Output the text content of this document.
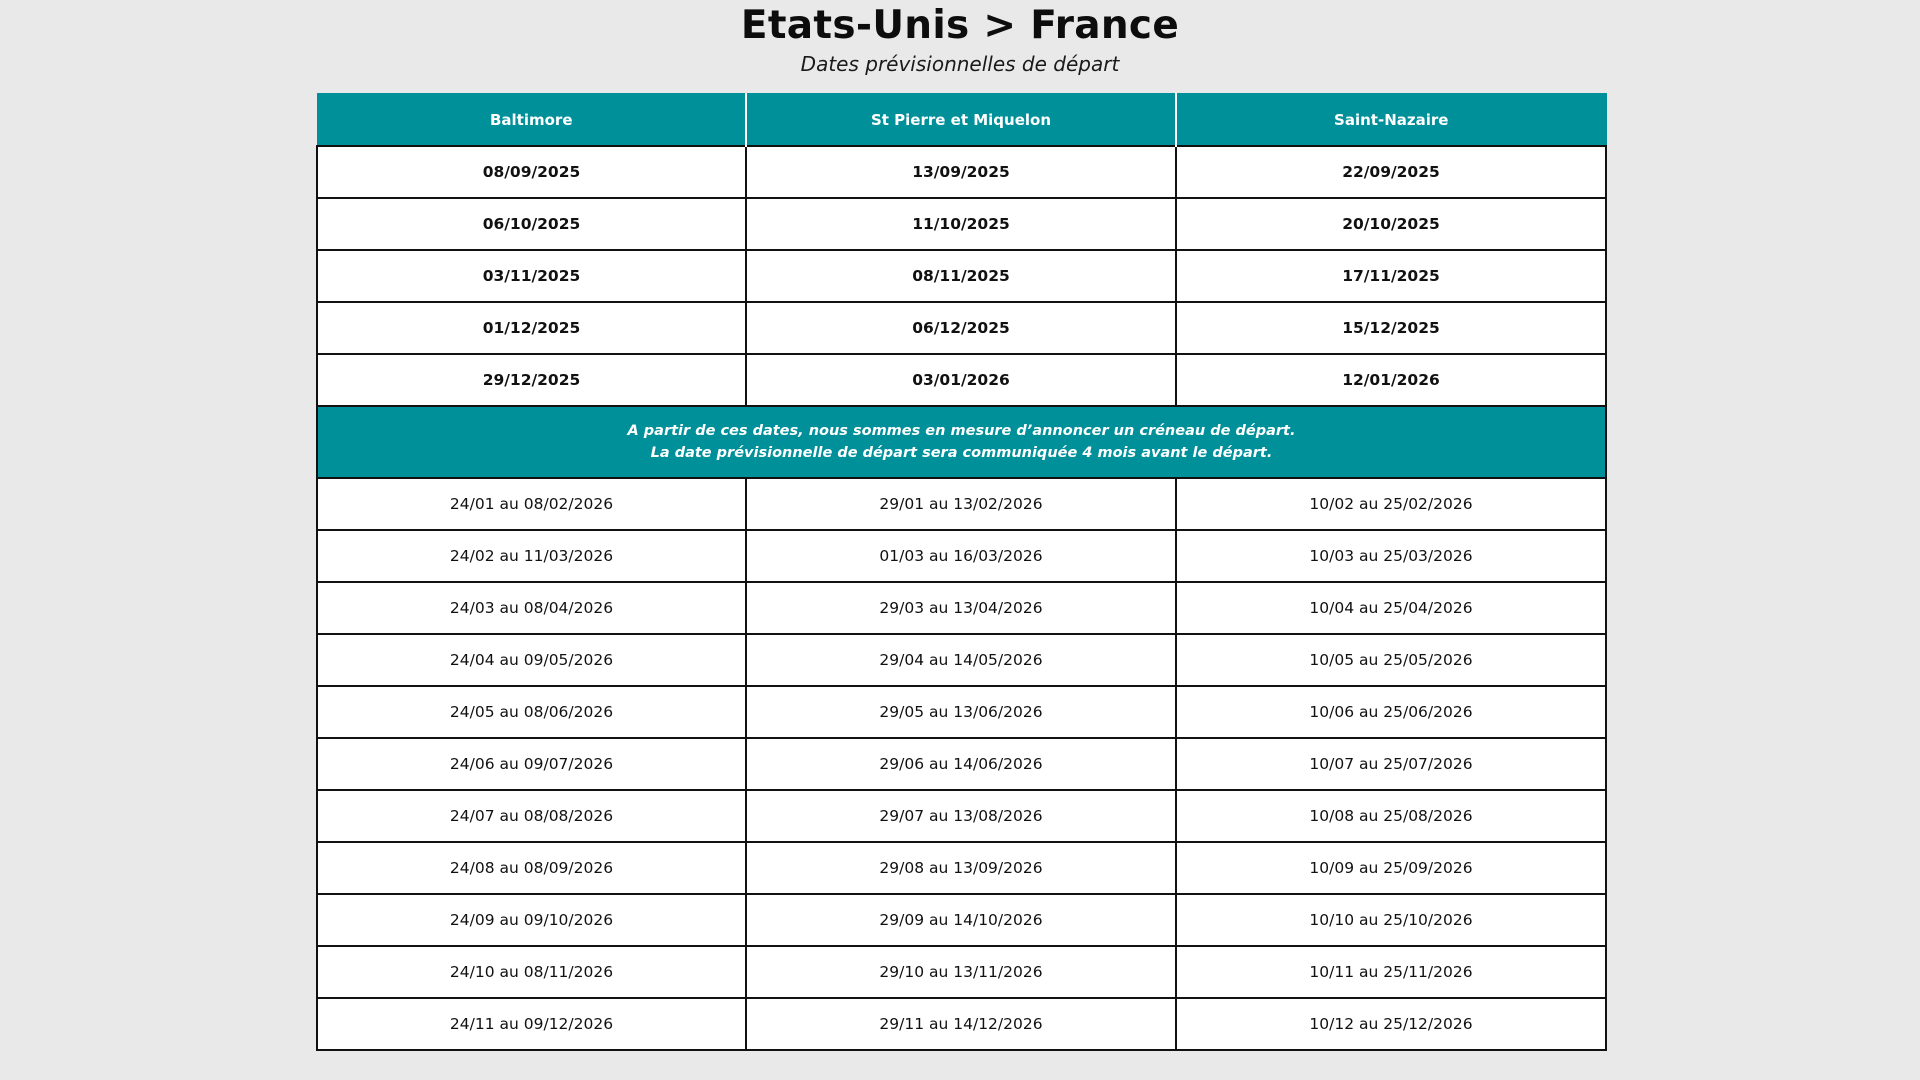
Etats-Unis > France
Dates prévisionnelles de départ
Baltimore	St Pierre et Miquelon	Saint-Nazaire
08/09/2025	13/09/2025	22/09/2025
06/10/2025	11/10/2025	20/10/2025
03/11/2025	08/11/2025	17/11/2025
01/12/2025	06/12/2025	15/12/2025
29/12/2025	03/01/2026	12/01/2026

A partir de ces dates, nous sommes en mesure d’annoncer un créneau de départ.
La date prévisionnelle de départ sera communiquée 4 mois avant le départ.		

24/01 au 08/02/2026	29/01 au 13/02/2026	10/02 au 25/02/2026
24/02 au 11/03/2026	01/03 au 16/03/2026	10/03 au 25/03/2026
24/03 au 08/04/2026	29/03 au 13/04/2026	10/04 au 25/04/2026
24/04 au 09/05/2026	29/04 au 14/05/2026	10/05 au 25/05/2026
24/05 au 08/06/2026	29/05 au 13/06/2026	10/06 au 25/06/2026
24/06 au 09/07/2026	29/06 au 14/06/2026	10/07 au 25/07/2026
24/07 au 08/08/2026	29/07 au 13/08/2026	10/08 au 25/08/2026
24/08 au 08/09/2026	29/08 au 13/09/2026	10/09 au 25/09/2026
24/09 au 09/10/2026	29/09 au 14/10/2026	10/10 au 25/10/2026
24/10 au 08/11/2026	29/10 au 13/11/2026	10/11 au 25/11/2026
24/11 au 09/12/2026	29/11 au 14/12/2026	10/12 au 25/12/2026
